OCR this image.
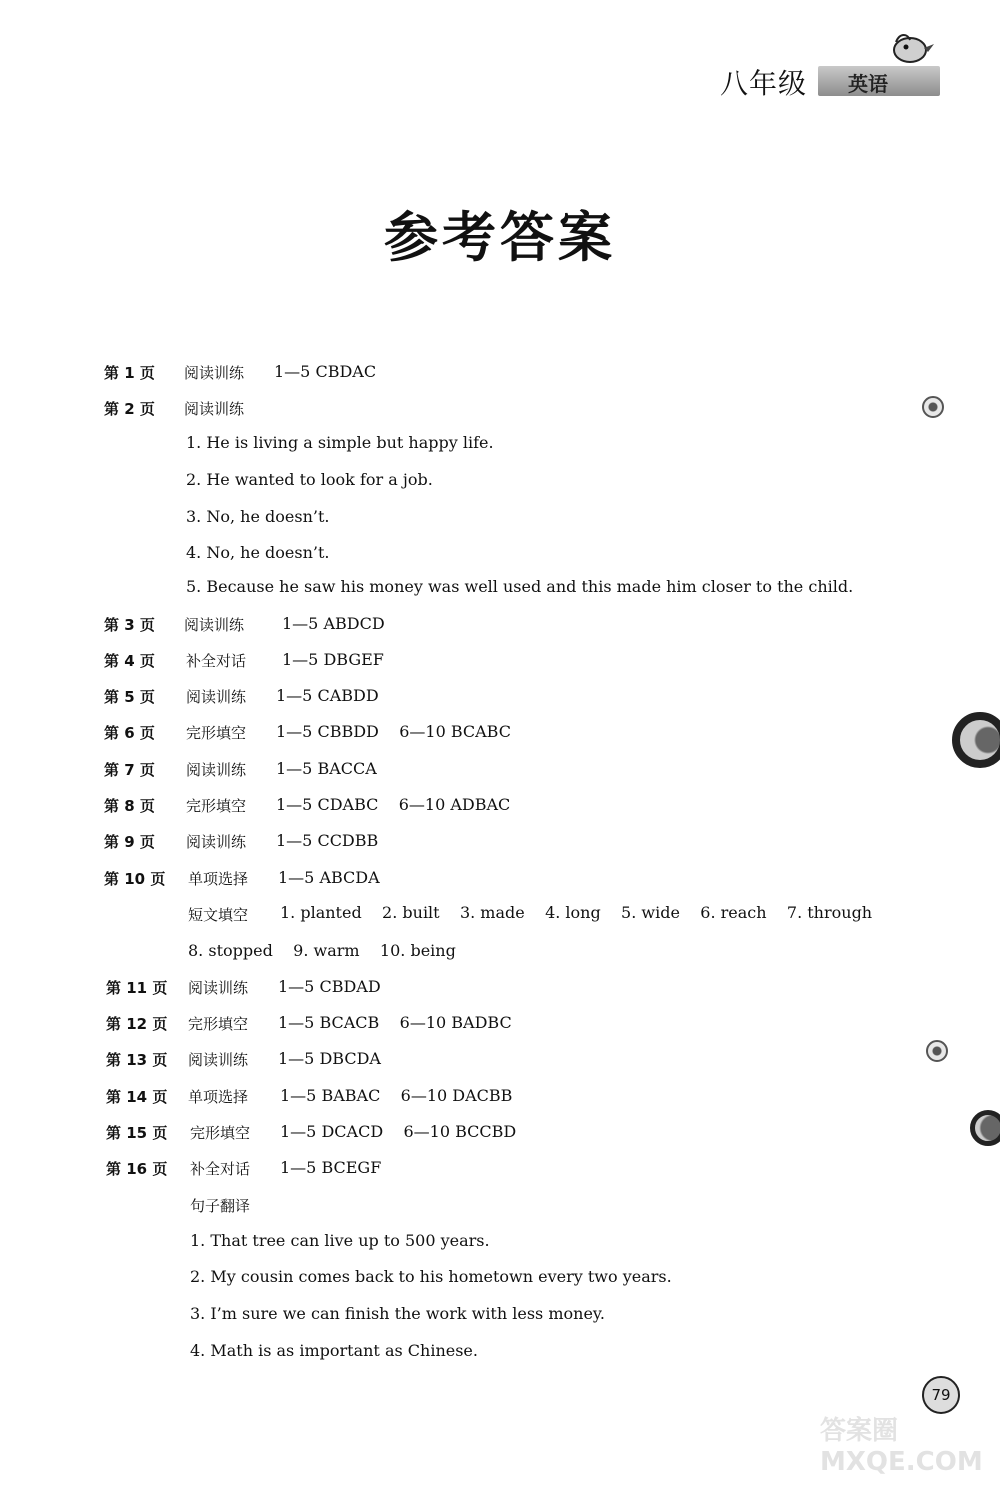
八年级 英语
参考答案
第 1 页 阅读训练 1—5 CBDAC
第 2 页 阅读训练
1. He is living a simple but happy life.
2. He wanted to look for a job.
3. No, he doesn’t.
4. No, he doesn’t.
5. Because he saw his money was well used and this made him closer to the child.
第 3 页 阅读训练 1—5 ABDCD
第 4 页 补全对话 1—5 DBGEF
第 5 页 阅读训练 1—5 CABDD
第 6 页 完形填空 1—5 CBBDD    6—10 BCABC
第 7 页 阅读训练 1—5 BACCA
第 8 页 完形填空 1—5 CDABC    6—10 ADBAC
第 9 页 阅读训练 1—5 CCDBB
第 10 页 单项选择 1—5 ABCDA
短文填空 1. planted    2. built    3. made    4. long    5. wide    6. reach    7. through
8. stopped    9. warm    10. being
第 11 页 阅读训练 1—5 CBDAD
第 12 页 完形填空 1—5 BCACB    6—10 BADBC
第 13 页 阅读训练 1—5 DBCDA
第 14 页 单项选择 1—5 BABAC    6—10 DACBB
第 15 页 完形填空 1—5 DCACD    6—10 BCCBD
第 16 页 补全对话 1—5 BCEGF
句子翻译
1. That tree can live up to 500 years.
2. My cousin comes back to his hometown every two years.
3. I’m sure we can finish the work with less money.
4. Math is as important as Chinese.
79
答案圈 MXQE.COM
